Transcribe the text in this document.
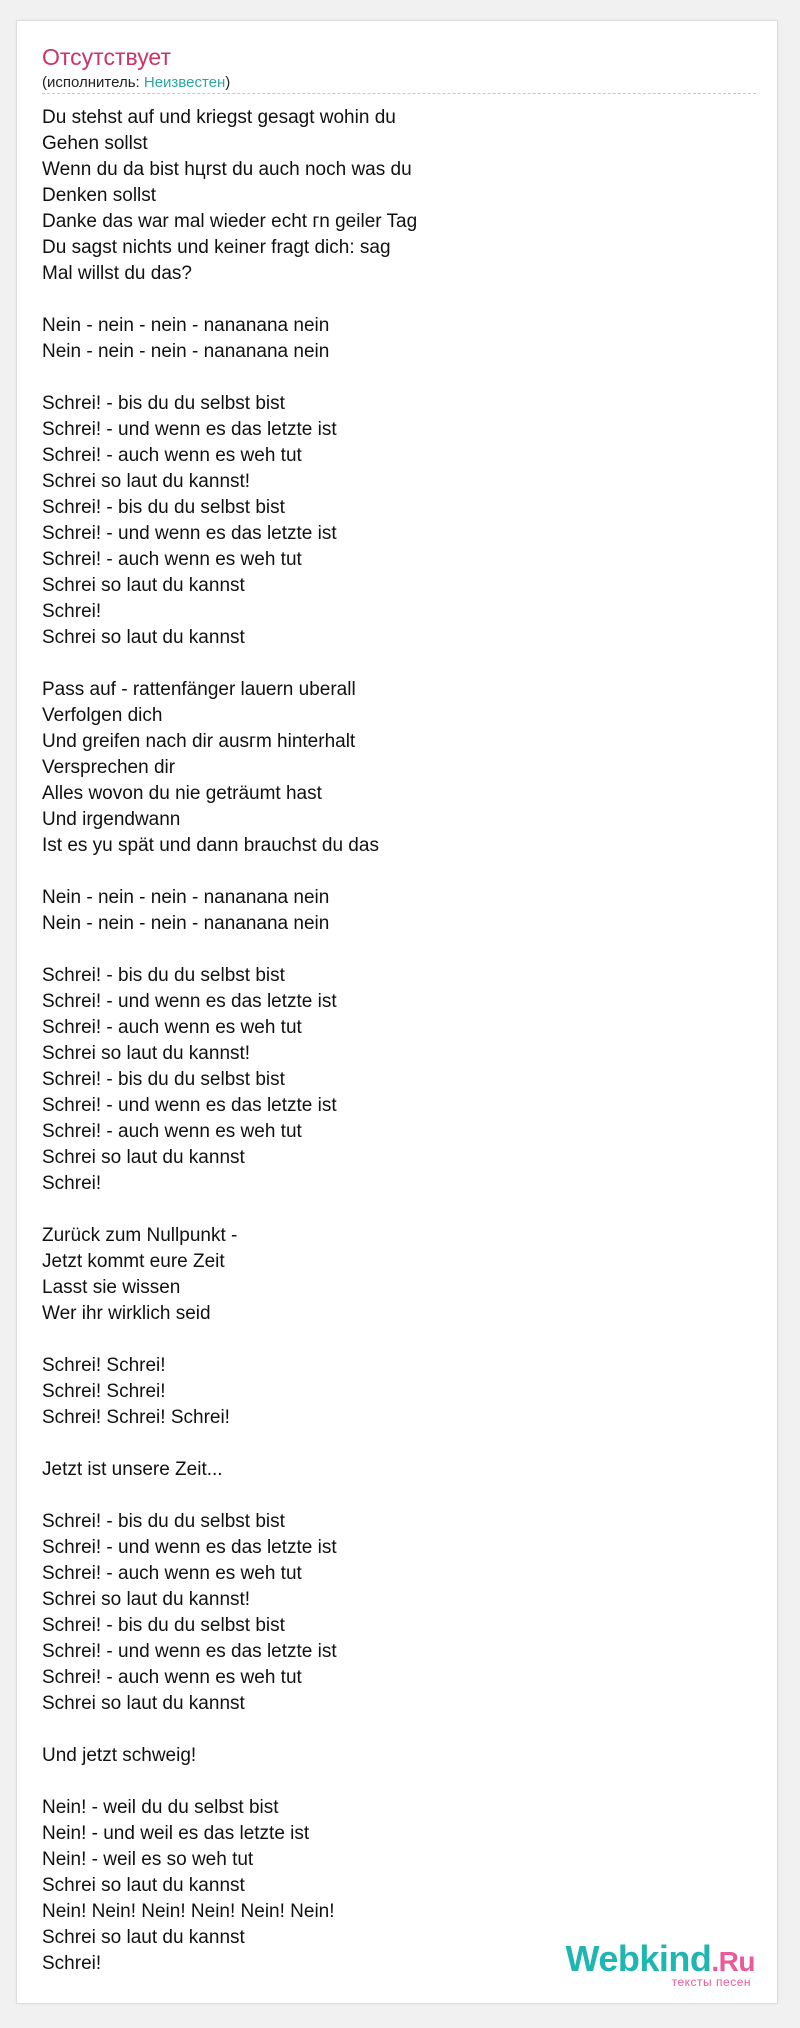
Отсутствует
(исполнитель: Неизвестен)
Du stehst auf und kriegst gesagt wohin du
Gehen sollst
Wenn du da bist hцrst du auch noch was du
Denken sollst
Danke das war mal wieder echt гn geiler Tag
Du sagst nichts und keiner fragt dich: sag
Mal willst du das?
Nein - nein - nein - nananana nein
Nein - nein - nein - nananana nein
Schrei! - bis du du selbst bist
Schrei! - und wenn es das letzte ist
Schrei! - auch wenn es weh tut
Schrei so laut du kannst!
Schrei! - bis du du selbst bist
Schrei! - und wenn es das letzte ist
Schrei! - auch wenn es weh tut
Schrei so laut du kannst
Schrei!
Schrei so laut du kannst
Pass auf - rattenfänger lauern uberall
Verfolgen dich
Und greifen nach dir ausгm hinterhalt
Versprechen dir
Alles wovon du nie geträumt hast
Und irgendwann
Ist es yu spät und dann brauchst du das
Nein - nein - nein - nananana nein
Nein - nein - nein - nananana nein
Schrei! - bis du du selbst bist
Schrei! - und wenn es das letzte ist
Schrei! - auch wenn es weh tut
Schrei so laut du kannst!
Schrei! - bis du du selbst bist
Schrei! - und wenn es das letzte ist
Schrei! - auch wenn es weh tut
Schrei so laut du kannst
Schrei!
Zurück zum Nullpunkt -
Jetzt kommt eure Zeit
Lasst sie wissen
Wer ihr wirklich seid
Schrei! Schrei!
Schrei! Schrei!
Schrei! Schrei! Schrei!
Jetzt ist unsere Zeit...
Schrei! - bis du du selbst bist
Schrei! - und wenn es das letzte ist
Schrei! - auch wenn es weh tut
Schrei so laut du kannst!
Schrei! - bis du du selbst bist
Schrei! - und wenn es das letzte ist
Schrei! - auch wenn es weh tut
Schrei so laut du kannst
Und jetzt schweig!
Nein! - weil du du selbst bist
Nein! - und weil es das letzte ist
Nein! - weil es so weh tut
Schrei so laut du kannst
Nein! Nein! Nein! Nein! Nein! Nein!
Schrei so laut du kannst
Schrei!	Webkind.Ru
тексты песен
